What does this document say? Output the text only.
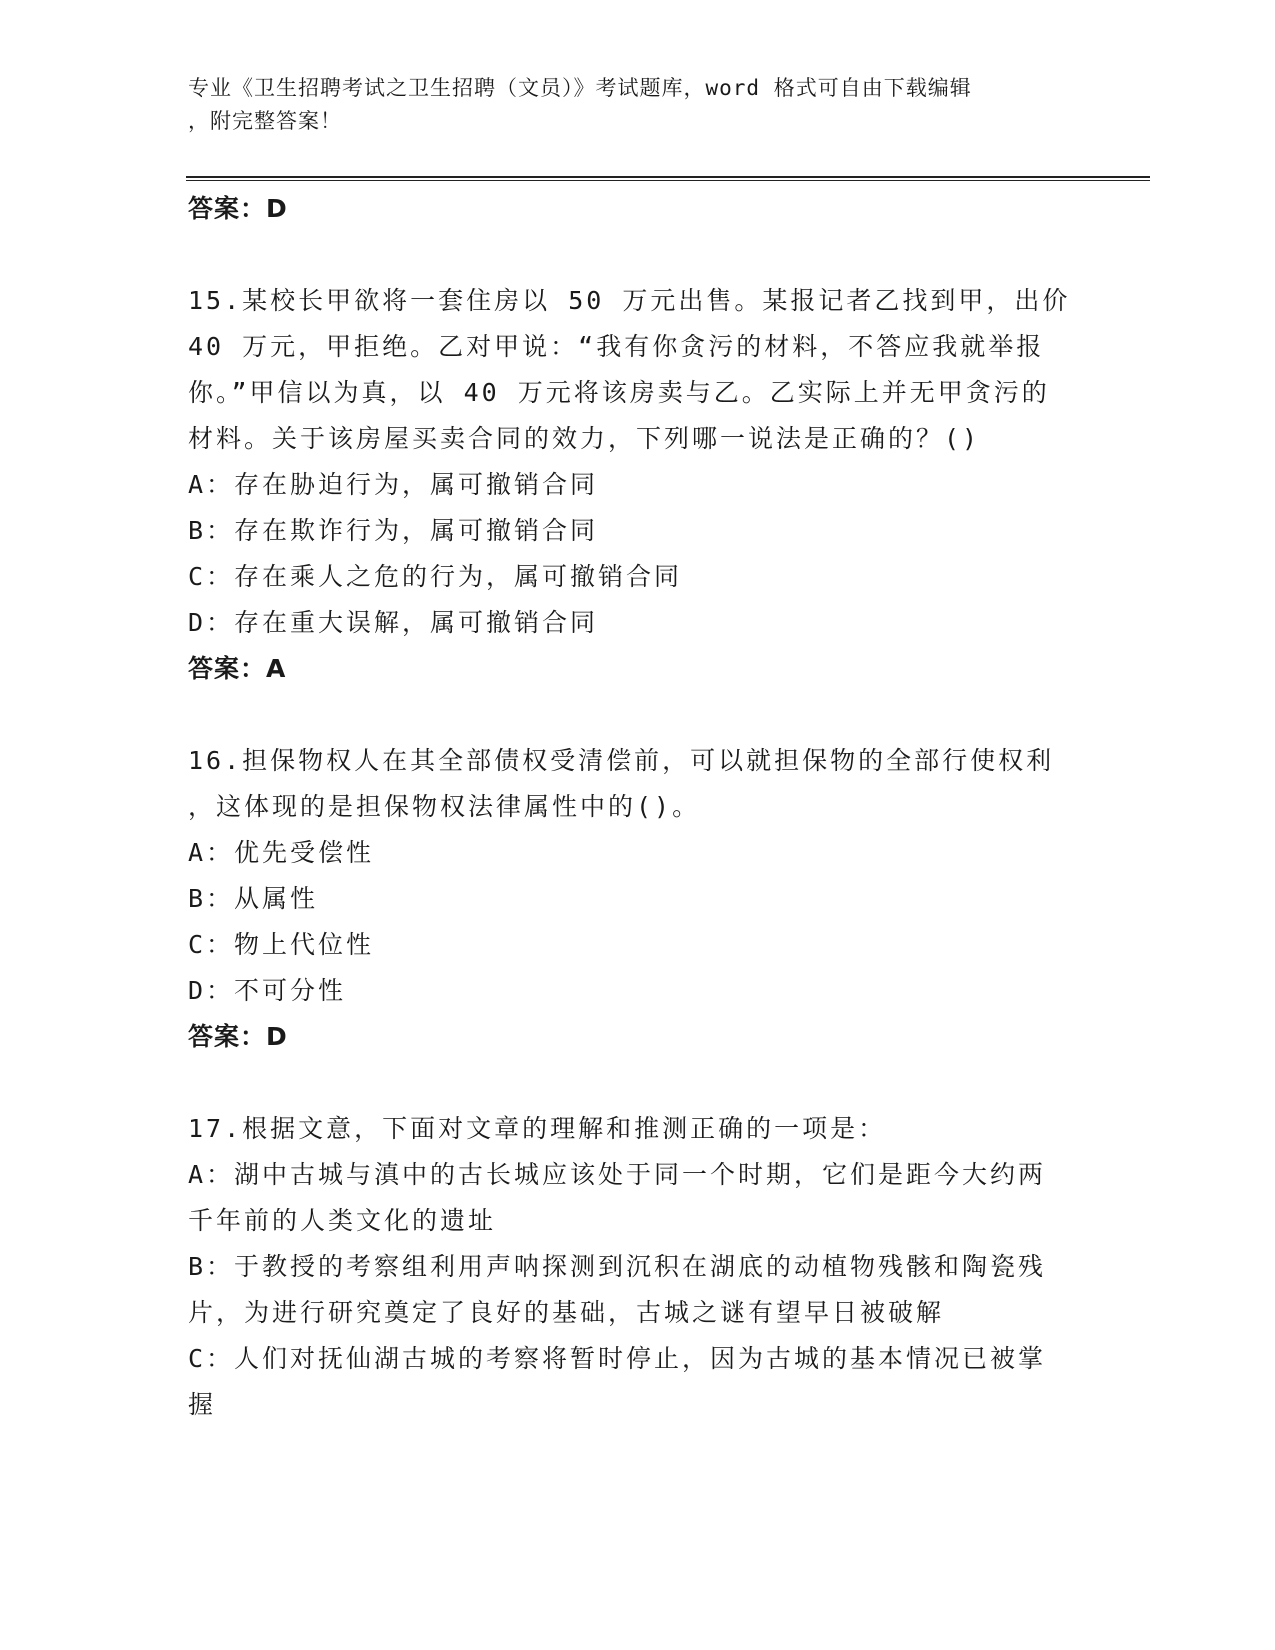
专业《卫生招聘考试之卫生招聘（文员）》考试题库，word 格式可自由下载编辑
，附完整答案！
答案：D
15.某校长甲欲将一套住房以 50 万元出售。某报记者乙找到甲，出价
40 万元，甲拒绝。乙对甲说：“我有你贪污的材料，不答应我就举报
你。”甲信以为真，以 40 万元将该房卖与乙。乙实际上并无甲贪污的
材料。关于该房屋买卖合同的效力，下列哪一说法是正确的？()
A：存在胁迫行为，属可撤销合同
B：存在欺诈行为，属可撤销合同
C：存在乘人之危的行为，属可撤销合同
D：存在重大误解，属可撤销合同
答案：A
16.担保物权人在其全部债权受清偿前，可以就担保物的全部行使权利
，这体现的是担保物权法律属性中的()。
A：优先受偿性
B：从属性
C：物上代位性
D：不可分性
答案：D
17.根据文意，下面对文章的理解和推测正确的一项是：
A：湖中古城与滇中的古长城应该处于同一个时期，它们是距今大约两
千年前的人类文化的遗址
B：于教授的考察组利用声呐探测到沉积在湖底的动植物残骸和陶瓷残
片，为进行研究奠定了良好的基础，古城之谜有望早日被破解
C：人们对抚仙湖古城的考察将暂时停止，因为古城的基本情况已被掌
握
